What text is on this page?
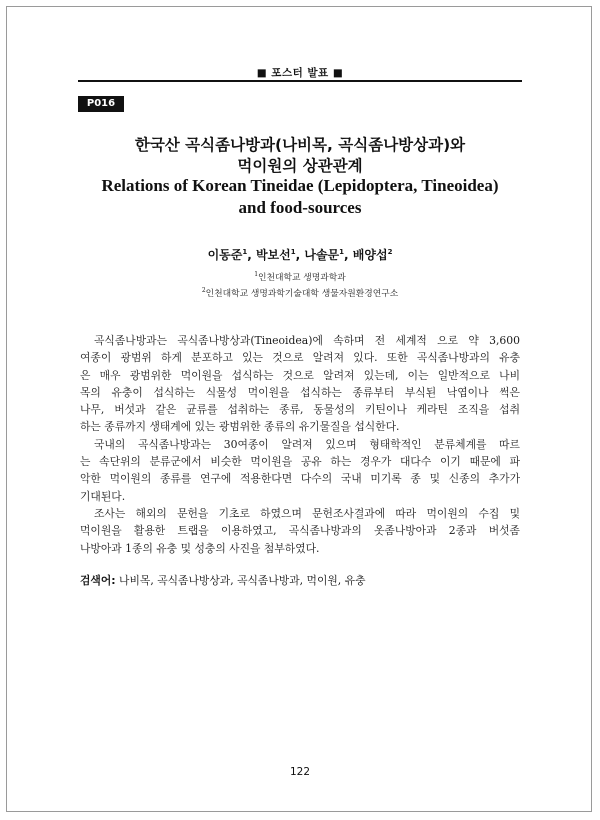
■ 포스터 발표 ■
P016
한국산 곡식좀나방과(나비목, 곡식좀나방상과)와
먹이원의 상관관계
Relations of Korean Tineidae (Lepidoptera, Tineoidea)
and food-sources
이동준$^1$, 박보선$^1$, 나솔문$^1$, 배양섭$^2$
$^1$인천대학교 생명과학과
$^2$인천대학교 생명과학기술대학 생물자원환경연구소
곡식좀나방과는 곡식좀나방상과(Tineoidea)에 속하며 전 세계적 으로 약 3,600
여종이 광범위 하게 분포하고 있는 것으로 알려져 있다. 또한 곡식좀나방과의 유충
은 매우 광범위한 먹이원을 섭식하는 것으로 알려져 있는데, 이는 일반적으로 나비
목의 유충이 섭식하는 식물성 먹이원을 섭식하는 종류부터 부식된 낙엽이나 썩은
나무, 버섯과 같은 균류를 섭취하는 종류, 동물성의 키틴이나 케라틴 조직을 섭취
하는 종류까지 생태계에 있는 광범위한 종류의 유기물질을 섭식한다.
국내의 곡식좀나방과는 30여종이 알려져 있으며 형태학적인 분류체계를 따르
는 속단위의 분류군에서 비슷한 먹이원을 공유 하는 경우가 대다수 이기 때문에 파
악한 먹이원의 종류를 연구에 적용한다면 다수의 국내 미기록 종 및 신종의 추가가
기대된다.
조사는 해외의 문헌을 기초로 하였으며 문헌조사결과에 따라 먹이원의 수집 및
먹이원을 활용한 트랩을 이용하였고, 곡식좀나방과의 옷좀나방아과 2종과 버섯좀
나방아과 1종의 유충 및 성충의 사진을 첨부하였다.
검색어: 나비목, 곡식좀나방상과, 곡식좀나방과, 먹이원, 유충
122
